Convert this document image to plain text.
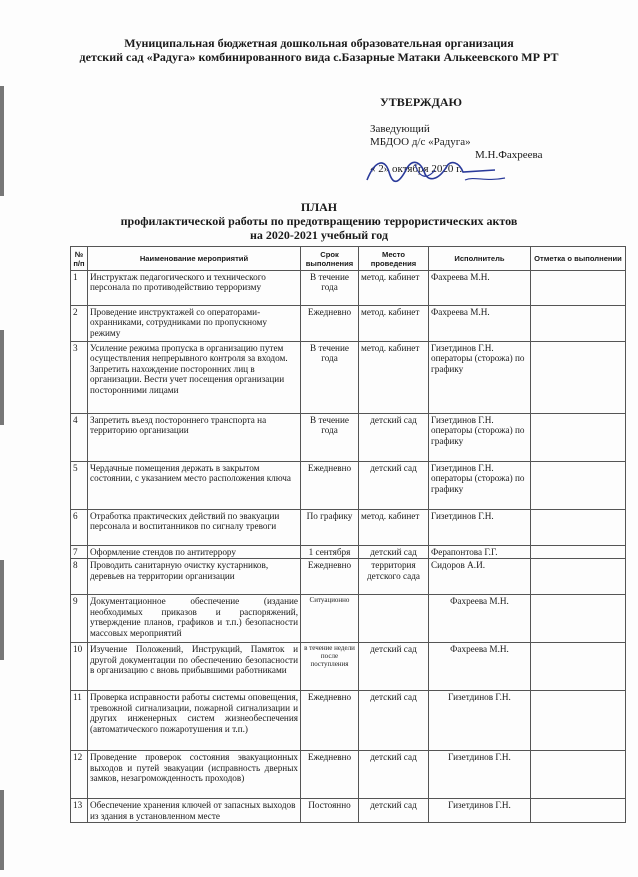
Муниципальная бюджетная дошкольная образовательная организация
детский сад «Радуга» комбинированного вида с.Базарные Матаки Алькеевского МР РТ
УТВЕРЖДАЮ
Заведующий
МБДОО д/с «Радуга»
М.Н.Фахреева
« 2» октября 2020 г.
ПЛАН
профилактической работы по предотвращению террористических актов
на 2020-2021 учебный год
№ п/п	Наименование мероприятий	Срок выполнения	Место проведения	Исполнитель	Отметка о выполнении
1	Инструктаж педагогического и технического персонала по противодействию терроризму	В течение года	метод. кабинет	Фахреева М.Н.	
2	Проведение инструктажей со операторами-охранниками, сотрудниками по пропускному режиму	Ежедневно	метод. кабинет	Фахреева М.Н.	
3	Усиление режима пропуска в организацию путем осуществления непрерывного контроля за входом. Запретить нахождение посторонних лиц в организации. Вести учет посещения организации посторонними лицами	В течение года	метод. кабинет	Гизетдинов Г.Н. операторы (сторожа) по графику	
4	Запретить въезд постороннего транспорта на территорию организации	В течение года	детский сад	Гизетдинов Г.Н. операторы (сторожа) по графику	
5	Чердачные помещения держать в закрытом состоянии, с указанием место расположения ключа	Ежедневно	детский сад	Гизетдинов Г.Н. операторы (сторожа) по графику	
6	Отработка практических действий по эвакуации персонала и воспитанников по сигналу тревоги	По графику	метод. кабинет	Гизетдинов Г.Н.	
7	Оформление стендов по антитеррору	1 сентября	детский сад	Ферапонтова Г.Г.	
8	Проводить санитарную очистку кустарников, деревьев на территории организации	Ежедневно	территория детского сада	Сидоров А.И.	
9	Документационное обеспечение (издание необходимых приказов и распоряжений, утверждение планов, графиков и т.п.) безопасности массовых мероприятий	Ситуационно		Фахреева М.Н.	
10	Изучение Положений, Инструкций, Памяток и другой документации по обеспечению безопасности в организацию с вновь прибывшими работниками	в течение недели после поступления	детский сад	Фахреева М.Н.	
11	Проверка исправности работы системы оповещения, тревожной сигнализации, пожарной сигнализации и других инженерных систем жизнеобеспечения (автоматического пожаротушения и т.п.)	Ежедневно	детский сад	Гизетдинов Г.Н.	
12	Проведение проверок состояния эвакуационных выходов и путей эвакуации (исправность дверных замков, незагроможденность проходов)	Ежедневно	детский сад	Гизетдинов Г.Н.	
13	Обеспечение хранения ключей от запасных выходов из здания в установленном месте	Постоянно	детский сад	Гизетдинов Г.Н.	
